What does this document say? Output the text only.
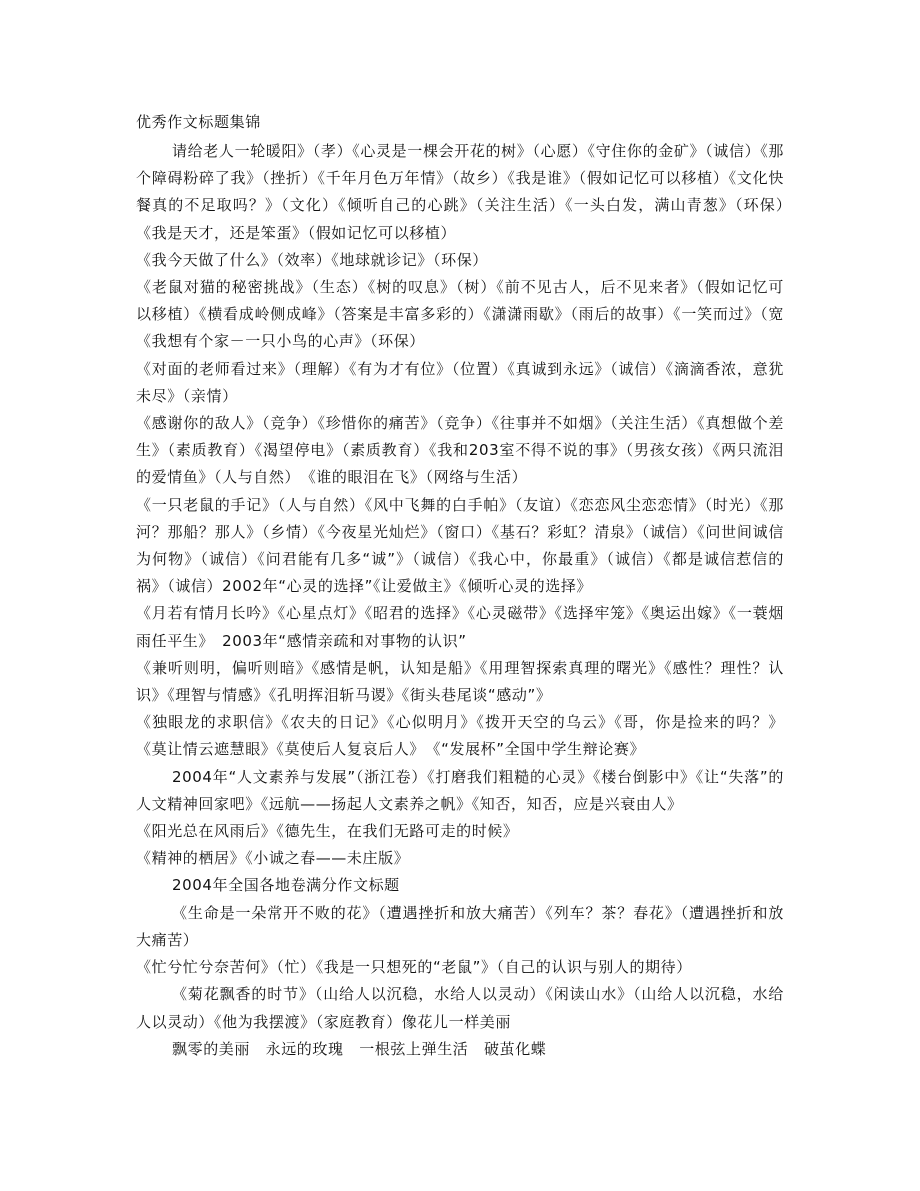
优秀作文标题集锦

请给老人一轮暖阳》（孝）《心灵是一棵会开花的树》（心愿）《守住你的金矿》（诚信）《那个障碍粉碎了我》（挫折）《千年月色万年情》（故乡）《我是谁》（假如记忆可以移植）《文化快餐真的不足取吗？》（文化）《倾听自己的心跳》（关注生活）《一头白发，满山青葱》（环保）　《我是天才，还是笨蛋》（假如记忆可以移植）

《我今天做了什么》（效率）《地球就诊记》（环保）

《老鼠对猫的秘密挑战》（生态）《树的叹息》（树）《前不见古人，后不见来者》（假如记忆可以移植）《横看成岭侧成峰》（答案是丰富多彩的）《潇潇雨歇》（雨后的故事）《一笑而过》（宽《我想有个家－一只小鸟的心声》（环保）

《对面的老师看过来》（理解）《有为才有位》（位置）《真诚到永远》（诚信）《滴滴香浓，意犹未尽》（亲情）

《感谢你的敌人》（竞争）《珍惜你的痛苦》（竞争）《往事并不如烟》（关注生活）《真想做个差生》（素质教育）《渴望停电》（素质教育）《我和203室不得不说的事》（男孩女孩）《两只流泪的爱情鱼》（人与自然）　《谁的眼泪在飞》（网络与生活）

《一只老鼠的手记》（人与自然）《风中飞舞的白手帕》（友谊）《恋恋风尘恋恋情》（时光）《那河？那船？那人》（乡情）《今夜星光灿烂》（窗口）《基石？彩虹？清泉》（诚信）《问世间诚信为何物》（诚信）《问君能有几多“诚”》（诚信）《我心中，你最重》（诚信）《都是诚信惹信的祸》（诚信）2002年“心灵的选择”《让爱做主》《倾听心灵的选择》

《月若有情月长吟》《心星点灯》《昭君的选择》《心灵磁带》《选择牢笼》《奥运出嫁》《一蓑烟雨任平生》　2003年“感情亲疏和对事物的认识”

《兼听则明，偏听则暗》《感情是帆，认知是船》《用理智探索真理的曙光》《感性？理性？认识》《理智与情感》《孔明挥泪斩马谡》《街头巷尾谈“感动”》

《独眼龙的求职信》《农夫的日记》《心似明月》《拨开天空的乌云》《哥，你是捡来的吗？》《莫让情云遮慧眼》《莫使后人复哀后人》　《“发展杯”全国中学生辩论赛》

2004年“人文素养与发展”（浙江卷）《打磨我们粗糙的心灵》《楼台倒影中》《让“失落”的人文精神回家吧》《远航——扬起人文素养之帆》《知否，知否，应是兴衰由人》

《阳光总在风雨后》《德先生，在我们无路可走的时候》

《精神的栖居》《小诚之春——未庄版》

2004年全国各地卷满分作文标题

《生命是一朵常开不败的花》（遭遇挫折和放大痛苦）《列车？茶？春花》（遭遇挫折和放大痛苦）

《忙兮忙兮奈苦何》（忙）《我是一只想死的“老鼠”》（自己的认识与别人的期待）

《菊花飘香的时节》（山给人以沉稳，水给人以灵动）《闲读山水》（山给人以沉稳，水给人以灵动）《他为我摆渡》（家庭教育）像花儿一样美丽

飘零的美丽　永远的玫瑰　一根弦上弹生活　破茧化蝶
